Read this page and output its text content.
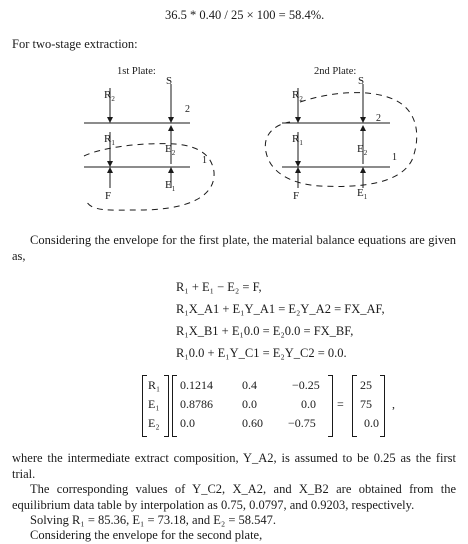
36.5 * 0.40 / 25 × 100 = 58.4%.
For two-stage extraction:
1st Plate:	2nd Plate:
2
1
$R_2$
$R_1$
F
S
$E_2$
$E_1$
2
1
$R_2$
$R_1$
F
S
$E_2$
$E_1$
Considering the envelope for the first plate, the material balance equations are given as,
R₁ + E₁ − E₂ = F,
R₁X_A1 + E₁Y_A1 = E₂Y_A2 = FX_AF,
R₁X_B1 + E₁0.0 = E₂0.0 = FX_BF,
R₁0.0 + E₁Y_C1 = E₂Y_C2 = 0.0.
R₁
E₁
E₂
0.1214 0.4	−0.25
0.8786 0.0	0.0
0.0	0.60 −0.75
=
25
75
0.0
,
where the intermediate extract composition, Y_A2, is assumed to be 0.25 as the first trial.
The corresponding values of Y_C2, X_A2, and X_B2 are obtained from the equilibrium data table by interpolation as 0.75, 0.0797, and 0.9203, respectively.
Solving R₁ = 85.36, E₁ = 73.18, and E₂ = 58.547.
Considering the envelope for the second plate,
